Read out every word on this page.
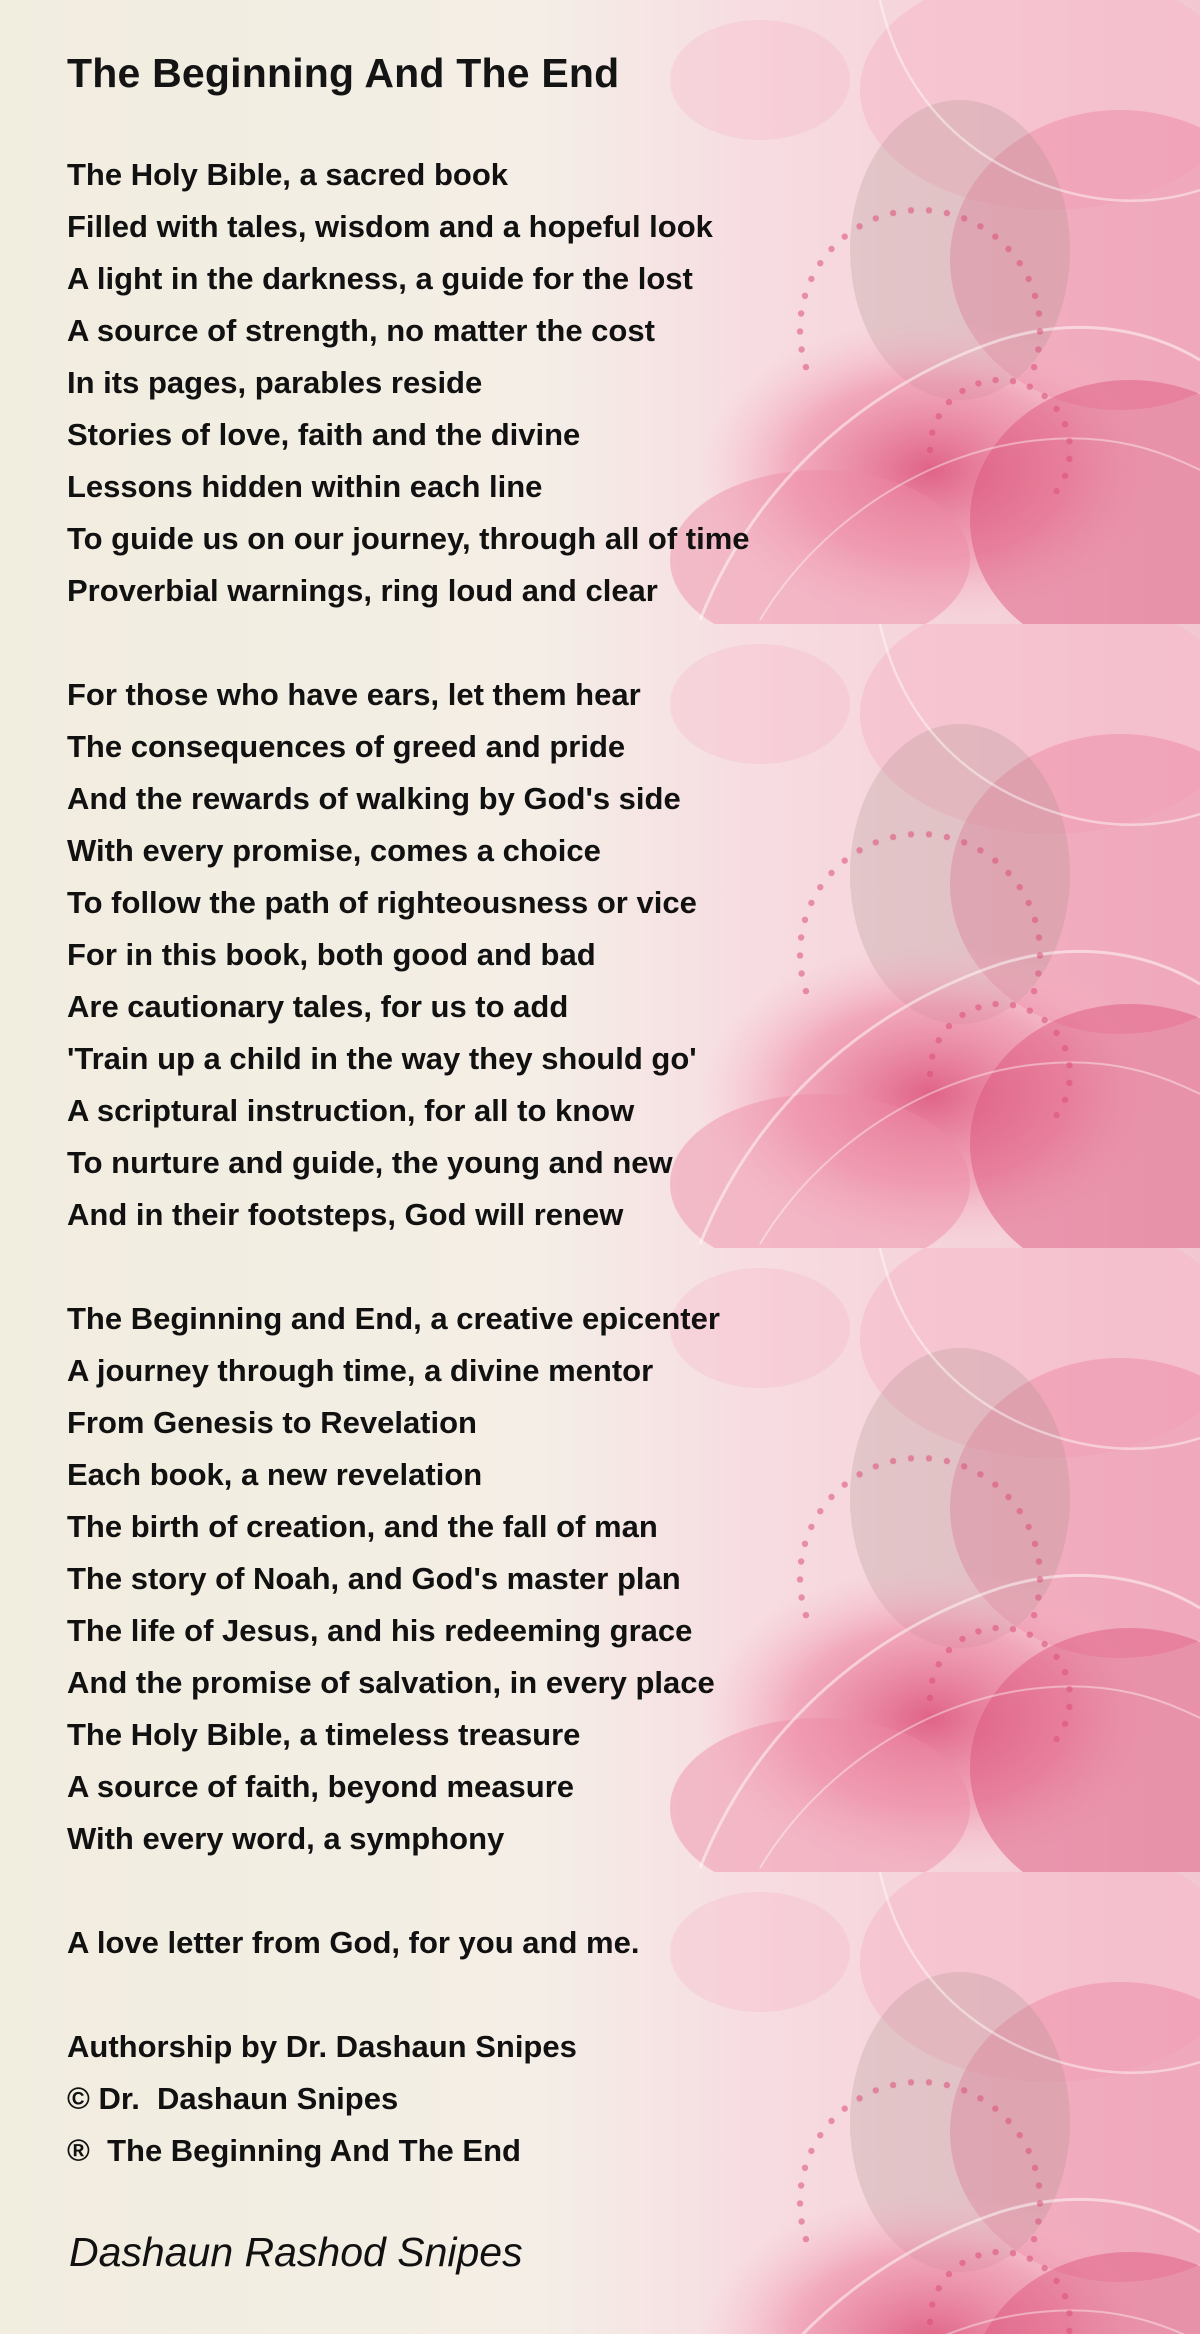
The Beginning And The End
The Holy Bible, a sacred book
Filled with tales, wisdom and a hopeful look
A light in the darkness, a guide for the lost
A source of strength, no matter the cost
In its pages, parables reside
Stories of love, faith and the divine
Lessons hidden within each line
To guide us on our journey, through all of time
Proverbial warnings, ring loud and clear
For those who have ears, let them hear
The consequences of greed and pride
And the rewards of walking by God's side
With every promise, comes a choice
To follow the path of righteousness or vice
For in this book, both good and bad
Are cautionary tales, for us to add
'Train up a child in the way they should go'
A scriptural instruction, for all to know
To nurture and guide, the young and new
And in their footsteps, God will renew
The Beginning and End, a creative epicenter
A journey through time, a divine mentor
From Genesis to Revelation
Each book, a new revelation
The birth of creation, and the fall of man
The story of Noah, and God's master plan
The life of Jesus, and his redeeming grace
And the promise of salvation, in every place
The Holy Bible, a timeless treasure
A source of faith, beyond measure
With every word, a symphony
A love letter from God, for you and me.
Authorship by Dr. Dashaun Snipes
© Dr.  Dashaun Snipes
®  The Beginning And The End
Dashaun Rashod Snipes
